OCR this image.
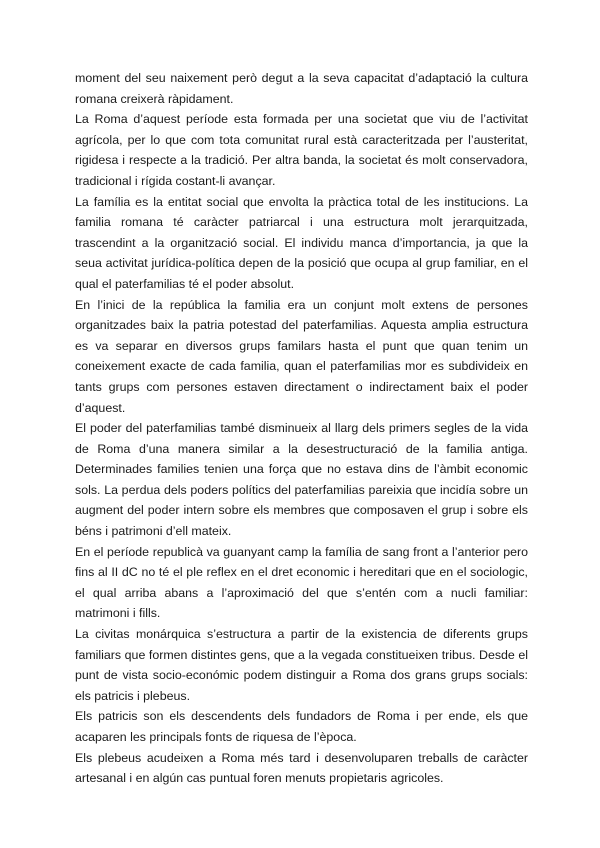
moment del seu naixement però degut a la seva capacitat d’adaptació la cultura romana creixerà ràpidament.

La Roma d’aquest període esta formada per una societat que viu de l’activitat agrícola, per lo que com tota comunitat rural està caracteritzada per l’austeritat, rigidesa i respecte a la tradició. Per altra banda, la societat és molt conservadora, tradicional i rígida costant-li avançar.

La família es la entitat social que envolta la pràctica total de les institucions. La familia romana té caràcter patriarcal i una estructura molt jerarquitzada, trascendint a la organització social. El individu manca d’importancia, ja que la seua activitat jurídica-política depen de la posició que ocupa al grup familiar, en el qual el paterfamilias té el poder absolut.

En l’inici de la república la familia era un conjunt molt extens de persones organitzades baix la patria potestad del paterfamilias. Aquesta amplia estructura es va separar en diversos grups familars hasta el punt que quan tenim un coneixement exacte de cada familia, quan el paterfamilias mor es subdivideix en tants grups com persones estaven directament o indirectament baix el poder d’aquest.

El poder del paterfamilias també disminueix al llarg dels primers segles de la vida de Roma d’una manera similar a la desestructuració de la familia antiga. Determinades families tenien una força que no estava dins de l’àmbit economic sols. La perdua dels poders polítics del paterfamilias pareixia que incidía sobre un augment del poder intern sobre els membres que composaven el grup i sobre els béns i patrimoni d’ell mateix.

En el període republicà va guanyant camp la família de sang front a l’anterior pero fins al II dC no té el ple reflex en el dret economic i hereditari que en el sociologic, el qual arriba abans a l’aproximació del que s’entén com a nucli familiar: matrimoni i fills.

La civitas monárquica s’estructura a partir de la existencia de diferents grups familiars que formen distintes gens, que a la vegada constitueixen tribus. Desde el punt de vista socio-económic podem distinguir a Roma dos grans grups socials: els patricis i plebeus.

Els patricis son els descendents dels fundadors de Roma i per ende, els que acaparen les principals fonts de riquesa de l’època.

Els plebeus acudeixen a Roma més tard i desenvoluparen treballs de caràcter artesanal i en algún cas puntual foren menuts propietaris agricoles.
